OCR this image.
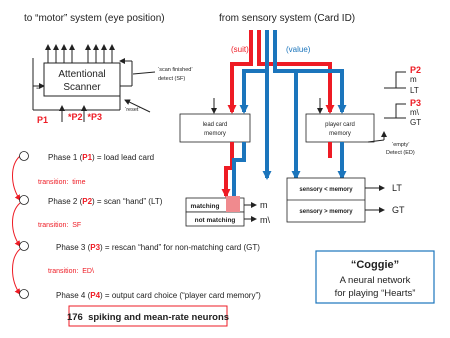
to “motor” system (eye position)	from sensory system (Card ID)
(suit)	(value)
Attentional
Scanner
-
‘scan finished’
detect (SF)
‘reset’
P1 *P2  *P3
lead card
memory
player card
memory
‘empty’
Detect (ED)
matching
not matching
m
m\
sensory < memory
sensory > memory
LT
GT
P2
m
LT
P3
m\
GT
Phase 1 (P1) = load lead card
transition:  time
Phase 2 (P2) = scan “hand” (LT)
transition:  SF
Phase 3 (P3) = rescan “hand” for non-matching card (GT)
transition:  ED\
Phase 4 (P4) = output card choice (“player card memory”)
176  spiking and mean-rate neurons
“Coggie”
A neural network
for playing “Hearts”
